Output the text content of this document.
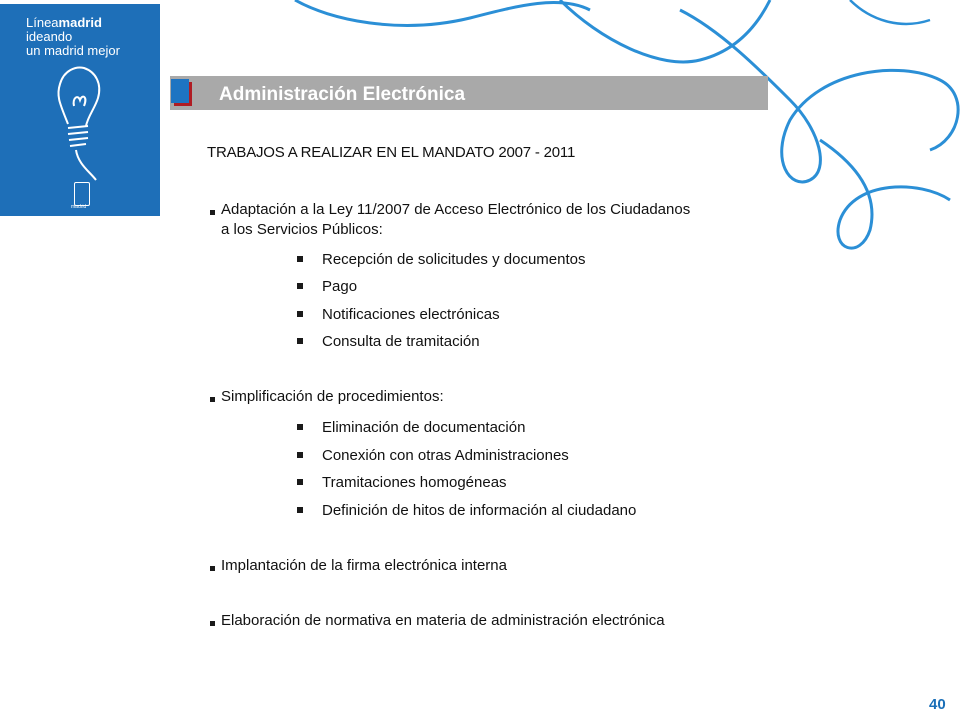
Líneamadrid
ideando
un madrid mejor
madrid
Administración Electrónica
TRABAJOS A REALIZAR EN EL MANDATO 2007 - 2011
Adaptación a la Ley 11/2007 de Acceso Electrónico de los Ciudadanos
a los Servicios Públicos:
Recepción de solicitudes y documentos
Pago
Notificaciones electrónicas
Consulta de tramitación
Simplificación de procedimientos:
Eliminación de documentación
Conexión con otras Administraciones
Tramitaciones homogéneas
Definición de hitos de información al ciudadano
Implantación de la firma electrónica interna
Elaboración de normativa en materia de administración electrónica
40
